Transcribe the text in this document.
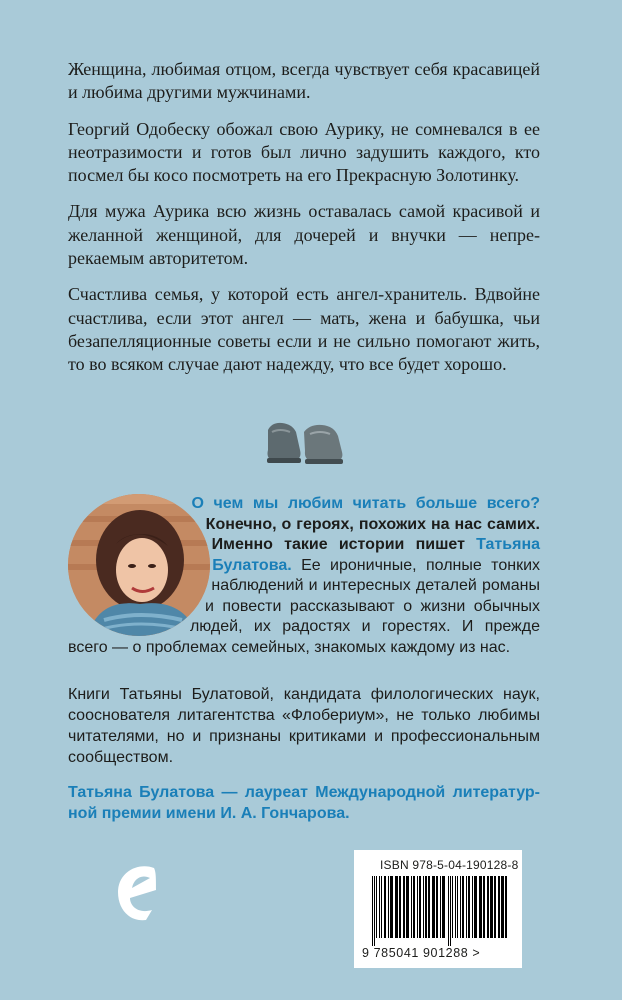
Женщина, любимая отцом, всегда чувствует себя красавицей и любима другими мужчинами.

Георгий Одобеску обожал свою Аурику, не сомневался в ее неотразимости и готов был лично задушить каждого, кто посмел бы косо посмотреть на его Прекрасную Золотинку.

Для мужа Аурика всю жизнь оставалась самой красивой и желанной женщиной, для дочерей и внучки — непререкаемым авторитетом.

Счастлива семья, у которой есть ангел-хранитель. Вдвойне счастлива, если этот ангел — мать, жена и бабушка, чьи безапелляционные советы если и не сильно помогают жить, то во всяком случае дают надежду, что все будет хорошо.

О чем мы любим читать больше всего? Конечно, о героях, похожих на нас самих. Именно такие истории пишет Татьяна Булатова. Ее ироничные, полные тонких наблюдений и интересных деталей романы и повести рассказывают о жизни обычных людей, их радостях и горестях. И прежде всего — о проблемах семейных, знакомых каждому из нас.

Книги Татьяны Булатовой, кандидата филологических наук, сооснователя литагентства «Флобериум», не только любимы читателями, но и признаны критиками и профессиональным сообществом.

Татьяна Булатова — лауреат Международной литературной премии имени И. А. Гончарова.

ISBN 978-5-04-190128-8
9 785041 901288 >
